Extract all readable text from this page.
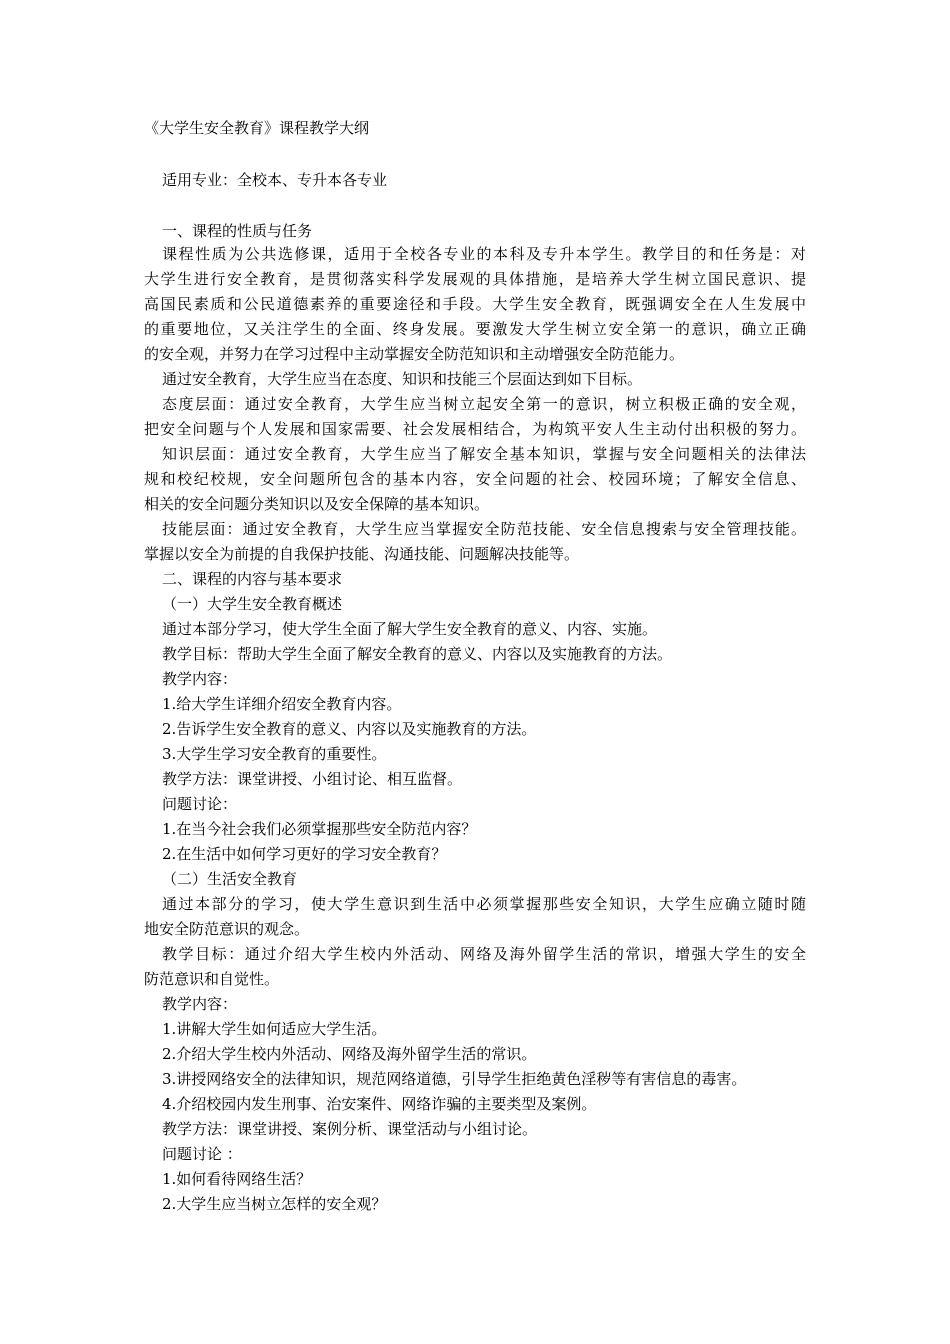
《大学生安全教育》课程教学大纲
适用专业：全校本、专升本各专业
一、课程的性质与任务
课程性质为公共选修课，适用于全校各专业的本科及专升本学生。教学目的和任务是：对
大学生进行安全教育，是贯彻落实科学发展观的具体措施，是培养大学生树立国民意识、提
高国民素质和公民道德素养的重要途径和手段。大学生安全教育，既强调安全在人生发展中
的重要地位，又关注学生的全面、终身发展。要激发大学生树立安全第一的意识，确立正确
的安全观，并努力在学习过程中主动掌握安全防范知识和主动增强安全防范能力。
通过安全教育，大学生应当在态度、知识和技能三个层面达到如下目标。
态度层面：通过安全教育，大学生应当树立起安全第一的意识，树立积极正确的安全观，
把安全问题与个人发展和国家需要、社会发展相结合，为构筑平安人生主动付出积极的努力。
知识层面：通过安全教育，大学生应当了解安全基本知识，掌握与安全问题相关的法律法
规和校纪校规，安全问题所包含的基本内容，安全问题的社会、校园环境；了解安全信息、
相关的安全问题分类知识以及安全保障的基本知识。
技能层面：通过安全教育，大学生应当掌握安全防范技能、安全信息搜索与安全管理技能。
掌握以安全为前提的自我保护技能、沟通技能、问题解决技能等。
二、课程的内容与基本要求
（一）大学生安全教育概述
通过本部分学习，使大学生全面了解大学生安全教育的意义、内容、实施。
教学目标：帮助大学生全面了解安全教育的意义、内容以及实施教育的方法。
教学内容：
1.给大学生详细介绍安全教育内容。
2.告诉学生安全教育的意义、内容以及实施教育的方法。
3.大学生学习安全教育的重要性。
教学方法：课堂讲授、小组讨论、相互监督。
问题讨论：
1.在当今社会我们必须掌握那些安全防范内容？
2.在生活中如何学习更好的学习安全教育？
（二）生活安全教育
通过本部分的学习，使大学生意识到生活中必须掌握那些安全知识，大学生应确立随时随
地安全防范意识的观念。
教学目标：通过介绍大学生校内外活动、网络及海外留学生活的常识，增强大学生的安全
防范意识和自觉性。
教学内容：
1.讲解大学生如何适应大学生活。
2.介绍大学生校内外活动、网络及海外留学生活的常识。
3.讲授网络安全的法律知识，规范网络道德，引导学生拒绝黄色淫秽等有害信息的毒害。
4.介绍校园内发生刑事、治安案件、网络诈骗的主要类型及案例。
教学方法：课堂讲授、案例分析、课堂活动与小组讨论。
问题讨论 ：
1.如何看待网络生活？
2.大学生应当树立怎样的安全观？
